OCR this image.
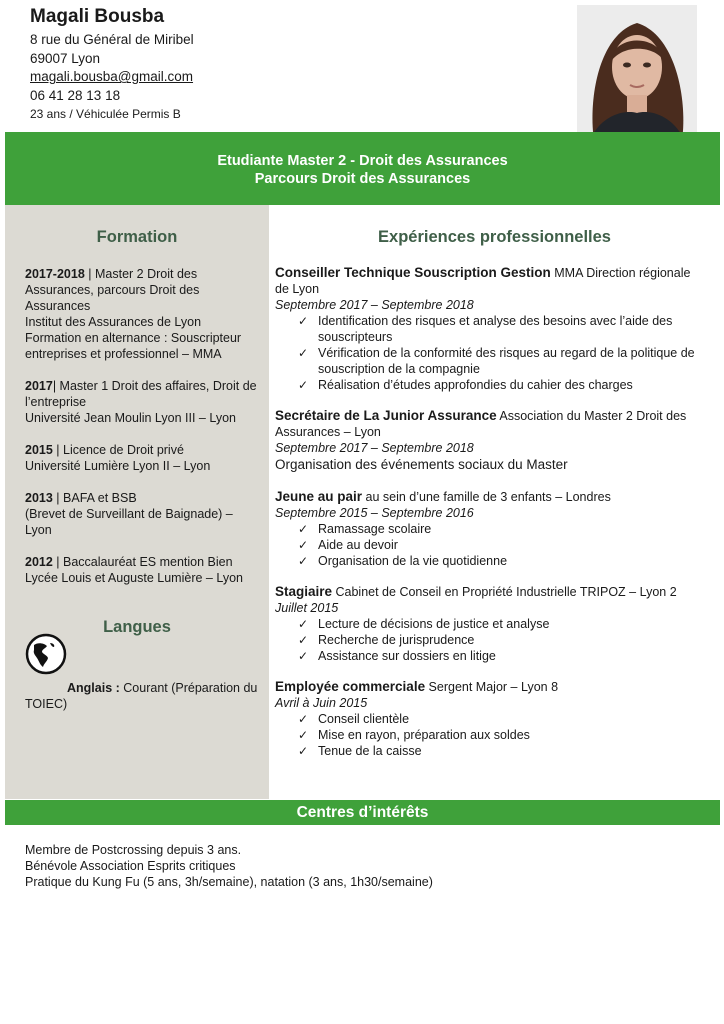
Magali Bousba
8 rue du Général de Miribel
69007 Lyon
magali.bousba@gmail.com
06 41 28 13 18
23 ans / Véhiculée Permis B
Etudiante Master 2 - Droit des Assurances
Parcours Droit des Assurances
Formation
2017-2018 | Master 2 Droit des Assurances, parcours Droit des Assurances
Institut des Assurances de Lyon
Formation en alternance : Souscripteur entreprises et professionnel – MMA
2017| Master 1 Droit des affaires, Droit de l’entreprise
Université Jean Moulin Lyon III – Lyon
2015 | Licence de Droit privé
Université Lumière Lyon II – Lyon
2013 | BAFA et BSB
(Brevet de Surveillant de Baignade) – Lyon
2012 | Baccalauréat ES mention Bien
Lycée Louis et Auguste Lumière – Lyon
Langues
Anglais : Courant (Préparation du TOIEC)
Expériences professionnelles
Conseiller Technique Souscription Gestion MMA Direction régionale de Lyon
Septembre 2017 – Septembre 2018
✓ Identification des risques et analyse des besoins avec l’aide des souscripteurs
✓ Vérification de la conformité des risques au regard de la politique de souscription de la compagnie
✓ Réalisation d’études approfondies du cahier des charges
Secrétaire de La Junior Assurance Association du Master 2 Droit des Assurances – Lyon
Septembre 2017 – Septembre 2018
Organisation des événements sociaux du Master
Jeune au pair au sein d’une famille de 3 enfants – Londres
Septembre 2015 – Septembre 2016
✓ Ramassage scolaire
✓ Aide au devoir
✓ Organisation de la vie quotidienne
Stagiaire Cabinet de Conseil en Propriété Industrielle TRIPOZ – Lyon 2
Juillet 2015
✓ Lecture de décisions de justice et analyse
✓ Recherche de jurisprudence
✓ Assistance sur dossiers en litige
Employée commerciale Sergent Major – Lyon 8
Avril à Juin 2015
✓ Conseil clientèle
✓ Mise en rayon, préparation aux soldes
✓ Tenue de la caisse
Centres d’intérêts
Membre de Postcrossing depuis 3 ans.
Bénévole Association Esprits critiques
Pratique du Kung Fu (5 ans, 3h/semaine), natation (3 ans, 1h30/semaine)
